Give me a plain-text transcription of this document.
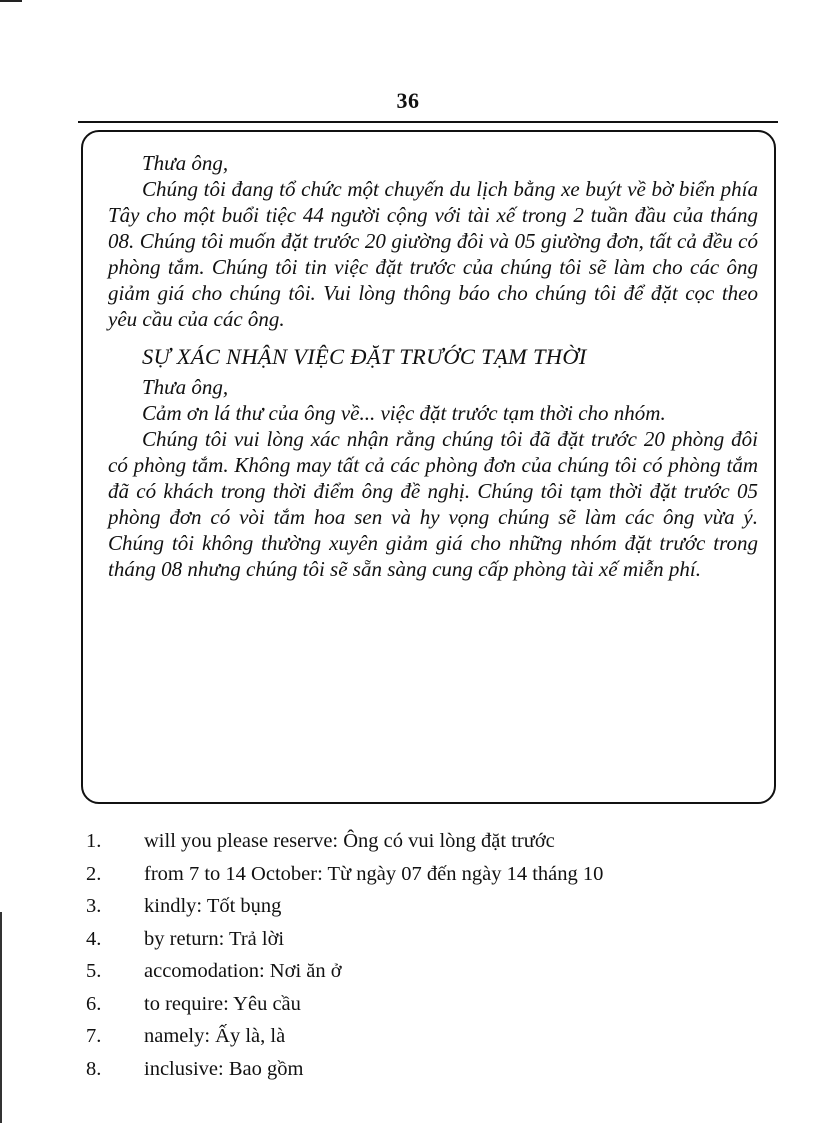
36

Thưa ông,

Chúng tôi đang tổ chức một chuyến du lịch bằng xe buýt về bờ biển phía Tây cho một buổi tiệc 44 người cộng với tài xế trong 2 tuần đầu của tháng 08. Chúng tôi muốn đặt trước 20 giường đôi và 05 giường đơn, tất cả đều có phòng tắm. Chúng tôi tin việc đặt trước của chúng tôi sẽ làm cho các ông giảm giá cho chúng tôi. Vui lòng thông báo cho chúng tôi để đặt cọc theo yêu cầu của các ông.

SỰ XÁC NHẬN VIỆC ĐẶT TRƯỚC TẠM THỜI

Thưa ông,

Cảm ơn lá thư của ông về... việc đặt trước tạm thời cho nhóm.

Chúng tôi vui lòng xác nhận rằng chúng tôi đã đặt trước 20 phòng đôi có phòng tắm. Không may tất cả các phòng đơn của chúng tôi có phòng tắm đã có khách trong thời điểm ông đề nghị. Chúng tôi tạm thời đặt trước 05 phòng đơn có vòi tắm hoa sen và hy vọng chúng sẽ làm các ông vừa ý. Chúng tôi không thường xuyên giảm giá cho những nhóm đặt trước trong tháng 08 nhưng chúng tôi sẽ sẵn sàng cung cấp phòng tài xế miễn phí.

1. will you please reserve: Ông có vui lòng đặt trước
2. from 7 to 14 October: Từ ngày 07 đến ngày 14 tháng 10
3. kindly: Tốt bụng
4. by return: Trả lời
5. accomodation: Nơi ăn ở
6. to require: Yêu cầu
7. namely: Ấy là, là
8. inclusive: Bao gồm
